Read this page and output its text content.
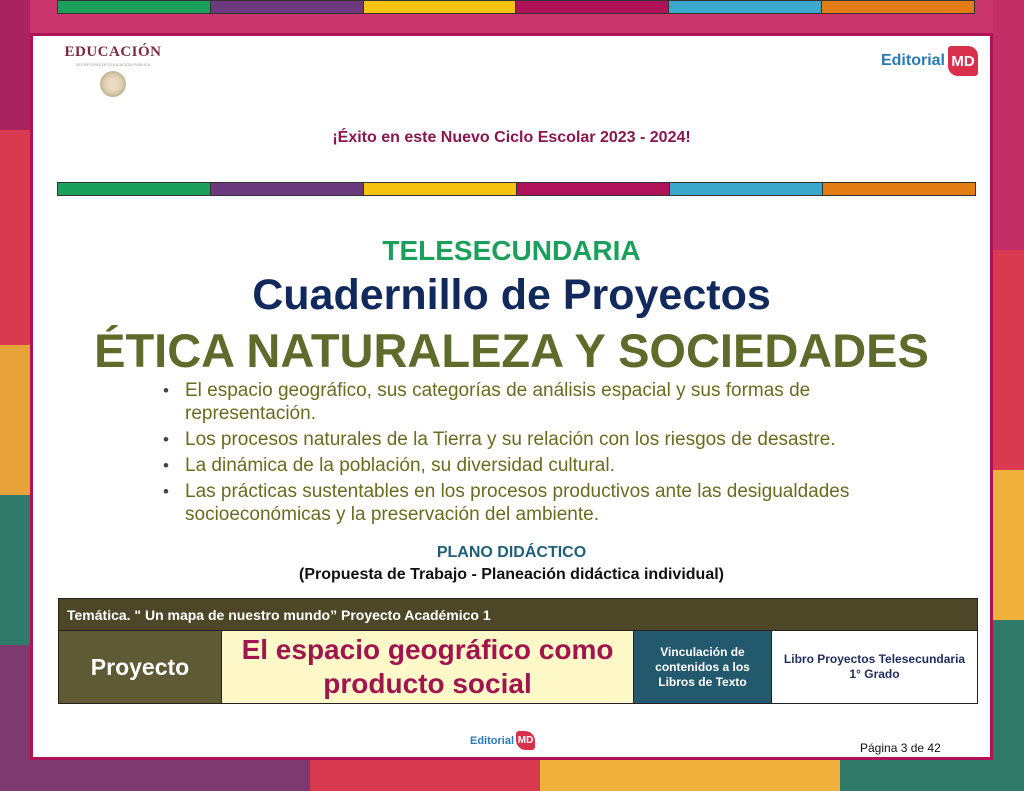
EDUCACIÓN
SECRETARÍA DE EDUCACIÓN PÚBLICA	Editorial MD
¡Éxito en este Nuevo Ciclo Escolar 2023 - 2024!
TELESECUNDARIA
Cuadernillo de Proyectos
ÉTICA NATURALEZA Y SOCIEDADES
• El espacio geográfico, sus categorías de análisis espacial y sus formas de representación.
• Los procesos naturales de la Tierra y su relación con los riesgos de desastre.
• La dinámica de la población, su diversidad cultural.
• Las prácticas sustentables en los procesos productivos ante las desigualdades socioeconómicas y la preservación del ambiente.
PLANO DIDÁCTICO
(Propuesta de Trabajo - Planeación didáctica individual)
Temática. " Un mapa de nuestro mundo” Proyecto Académico 1
Proyecto
El espacio geográfico como producto social
Vinculación de contenidos a los Libros de Texto
Libro Proyectos Telesecundaria 1° Grado
Editorial MD
Página 3 de 42
